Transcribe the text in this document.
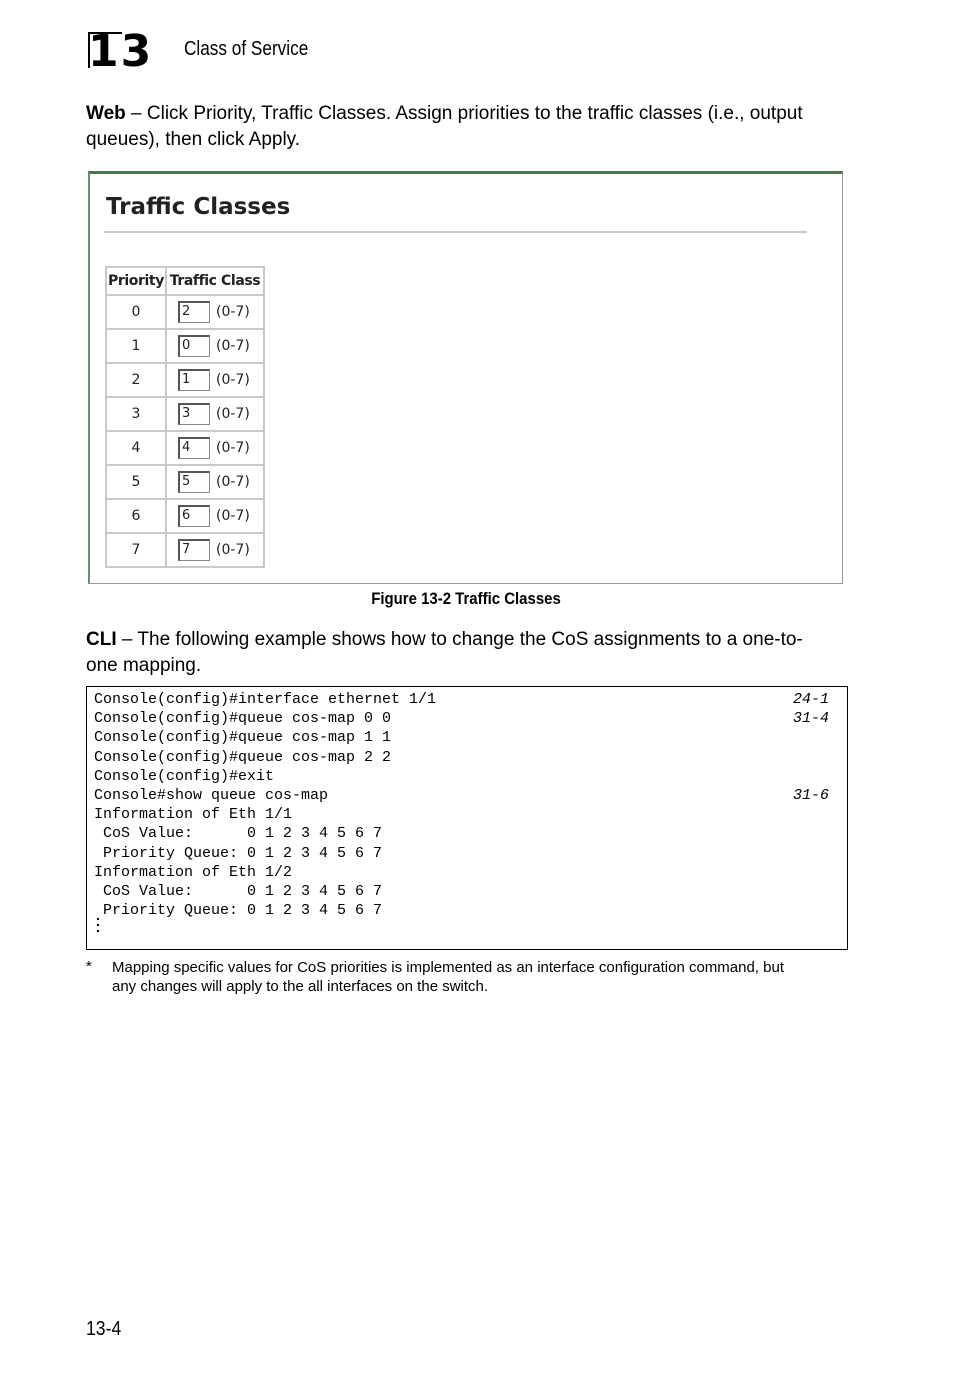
13 Class of Service
Web – Click Priority, Traffic Classes. Assign priorities to the traffic classes (i.e., output queues), then click Apply.
Traffic Classes
Priority	Traffic Class
0	2 (0-7)

1	0 (0-7)

2	1 (0-7)

3	3 (0-7)

4	4 (0-7)

5	5 (0-7)

6	6 (0-7)

7	7 (0-7)
Figure 13-2 Traffic Classes
CLI – The following example shows how to change the CoS assignments to a one-to-one mapping.
Console(config)#interface ethernet 1/1	24-1
Console(config)#queue cos-map 0 0	31-4
Console(config)#queue cos-map 1 1
Console(config)#queue cos-map 2 2
Console(config)#exit
Console#show queue cos-map	31-6
Information of Eth 1/1
CoS Value:      0 1 2 3 4 5 6 7
Priority Queue: 0 1 2 3 4 5 6 7
Information of Eth 1/2
CoS Value:      0 1 2 3 4 5 6 7
Priority Queue: 0 1 2 3 4 5 6 7
* Mapping specific values for CoS priorities is implemented as an interface configuration command, but any changes will apply to the all interfaces on the switch.
13-4
